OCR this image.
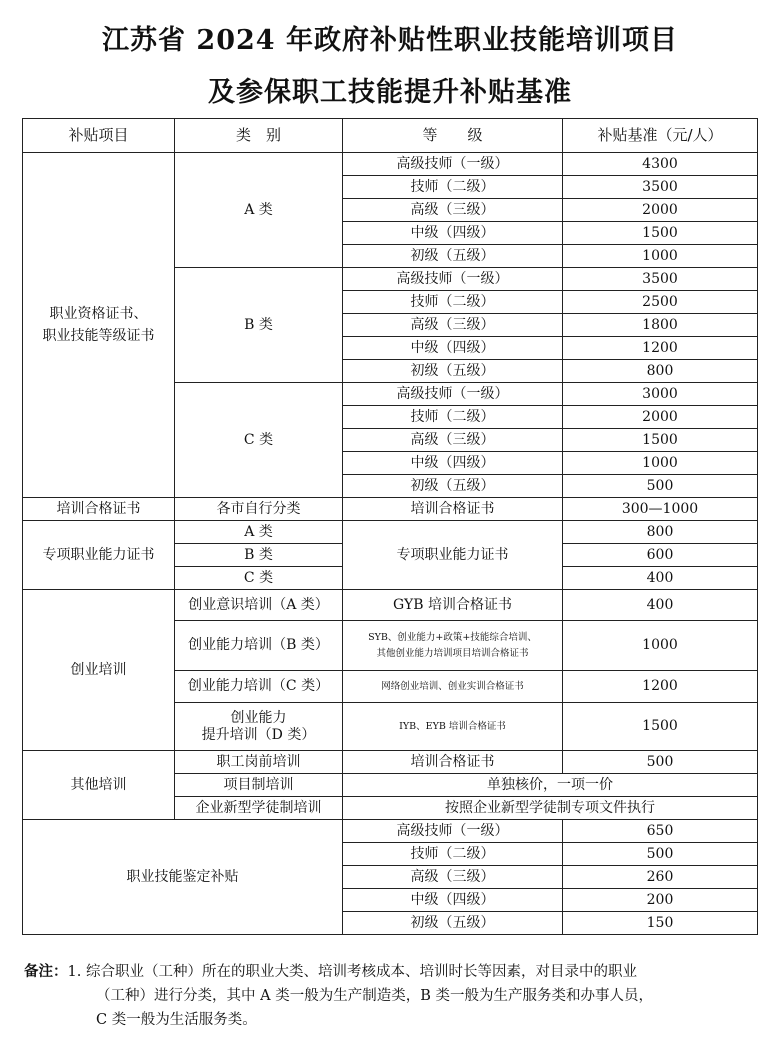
江苏省 2024 年政府补贴性职业技能培训项目
及参保职工技能提升补贴基准
补贴项目	类　别	等　　级	补贴基准（元/人）

职业资格证书、
职业技能等级证书	A 类	高级技师（一级）	4300
		技师（二级）	3500
		高级（三级）	2000
		中级（四级）	1500
		初级（五级）	1000
	B 类	高级技师（一级）	3500
		技师（二级）	2500
		高级（三级）	1800
		中级（四级）	1200
		初级（五级）	800
	C 类	高级技师（一级）	3000
		技师（二级）	2000
		高级（三级）	1500
		中级（四级）	1000
		初级（五级）	500
培训合格证书	各市自行分类	培训合格证书	300—1000
专项职业能力证书	A 类	专项职业能力证书	800
	B 类		600
	C 类		400
创业培训	创业意识培训（A 类）	GYB 培训合格证书	400
	创业能力培训（B 类）	SYB、创业能力+政策+技能综合培训、
其他创业能力培训项目培训合格证书	1000
	创业能力培训（C 类）	网络创业培训、创业实训合格证书	1200

	创业能力
提升培训（D 类）	IYB、EYB 培训合格证书	1500
其他培训	职工岗前培训	培训合格证书	500
	项目制培训	单独核价，一项一价	
	企业新型学徒制培训	按照企业新型学徒制专项文件执行	
职业技能鉴定补贴		高级技师（一级）	650
		技师（二级）	500
		高级（三级）	260
		中级（四级）	200
		初级（五级）	150
备注：1. 综合职业（工种）所在的职业大类、培训考核成本、培训时长等因素，对目录中的职业
（工种）进行分类，其中 A 类一般为生产制造类，B 类一般为生产服务类和办事人员，
C 类一般为生活服务类。
